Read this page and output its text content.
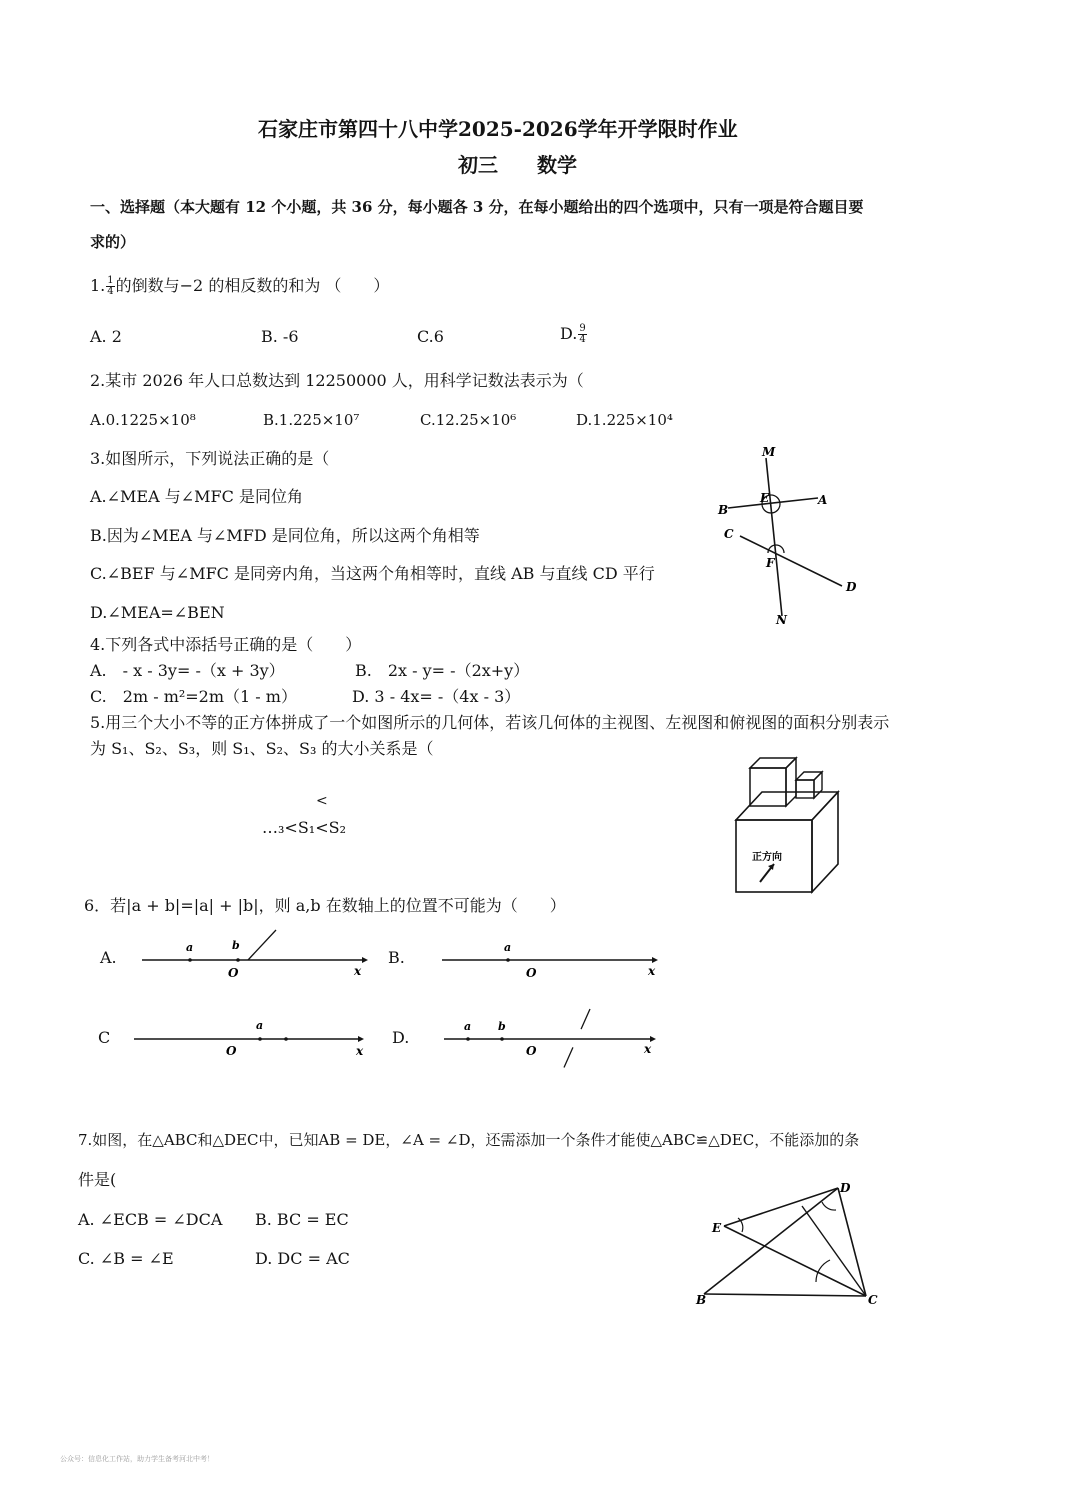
石家庄市第四十八中学2025-2026学年开学限时作业
初三 数学
一、选择题（本大题有 12 个小题，共 36 分，每小题各 3 分，在每小题给出的四个选项中，只有一项是符合题目要
求的）
1. $\frac{1}{4}$ 的倒数与−2 的相反数的和为 （　　）
A. 2	B. -6	C.6	D. $\frac{9}{4}$
2.某市 2026 年人口总数达到 12250000 人，用科学记数法表示为（
A.0.1225×10⁸	B.1.225×10⁷	C.12.25×10⁶	D.1.225×10⁴
3.如图所示，下列说法正确的是（
A.∠MEA 与∠MFC 是同位角
B.因为∠MEA 与∠MFD 是同位角，所以这两个角相等
C.∠BEF 与∠MFC 是同旁内角，当这两个角相等时，直线 AB 与直线 CD 平行
D.∠MEA=∠BEN
M
E	A
B
C
F
D
N
4.下列各式中添括号正确的是（　　）
A.　- x - 3y= -（x + 3y）	B.　2x - y= -（2x+y）
C.　2m - m²=2m（1 - m）	D. 3 - 4x= -（4x - 3）
5.用三个大小不等的正方体拼成了一个如图所示的几何体，若该几何体的主视图、左视图和俯视图的面积分别表示
为 S₁、S₂、S₃，则 S₁、S₂、S₃ 的大小关系是（
<
…₃<S₁<S₂
正方向
6．若|a + b|=|a| + |b|，则 a,b 在数轴上的位置不可能为（　　）
A.
a	b
O	x
B.
a
O	x
C
a
O	x
D.
a b
O	x
7.如图，在△ABC和△DEC中，已知AB = DE，∠A = ∠D，还需添加一个条件才能使△ABC≌△DEC，不能添加的条
件是(
A. ∠ECB = ∠DCA B. BC = EC
C. ∠B = ∠E	D. DC = AC
D
E
B	C
公众号：信息化工作站，助力学生备考河北中考！
